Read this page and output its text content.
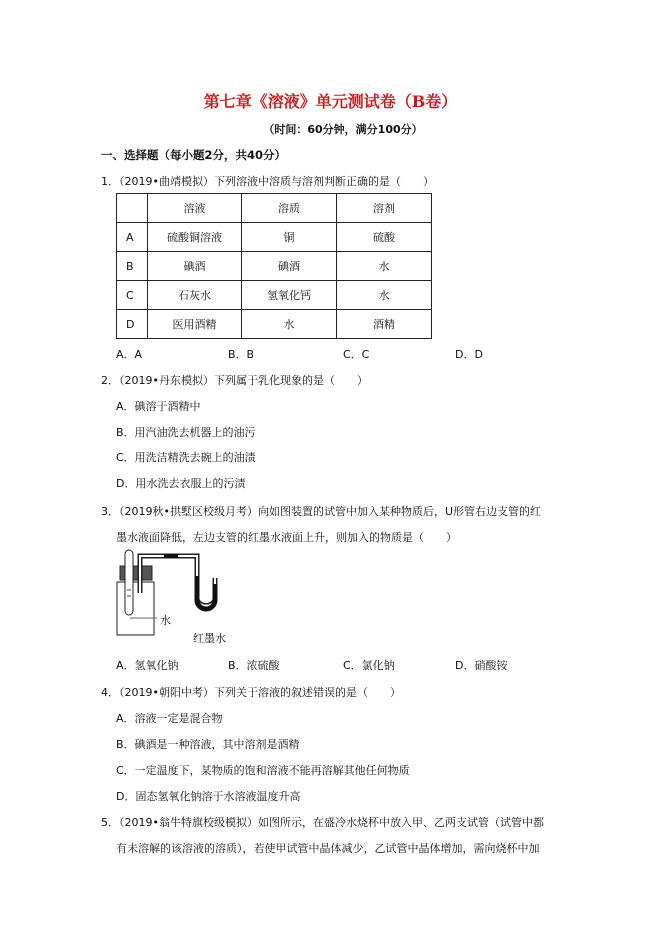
第七章《溶液》单元测试卷（B卷）
（时间：60分钟，满分100分）
一、选择题（每小题2分，共40分）
1．（2019•曲靖模拟）下列溶液中溶质与溶剂判断正确的是（　　）
	溶液	溶质	溶剂
A	硫酸铜溶液	铜	硫酸
B	碘酒	碘酒	水
C	石灰水	氢氧化钙	水
D	医用酒精	水	酒精
A．A	B．B	C．C	D．D
2．（2019•丹东模拟）下列属于乳化现象的是（　　）
A．碘溶于酒精中
B．用汽油洗去机器上的油污
C．用洗洁精洗去碗上的油渍
D．用水洗去衣服上的污渍
3．（2019秋•拱墅区校级月考）向如图装置的试管中加入某种物质后，U形管右边支管的红
墨水液面降低，左边支管的红墨水液面上升，则加入的物质是（　　）
水
红墨水
A．氢氧化钠	B．浓硫酸	C．氯化钠	D．硝酸铵
4．（2019•朝阳中考）下列关于溶液的叙述错误的是（　　）
A．溶液一定是混合物
B．碘酒是一种溶液，其中溶剂是酒精
C．一定温度下，某物质的饱和溶液不能再溶解其他任何物质
D．固态氢氧化钠溶于水溶液温度升高
5．（2019•翁牛特旗校级模拟）如图所示，在盛冷水烧杯中放入甲、乙两支试管（试管中都
有未溶解的该溶液的溶质），若使甲试管中晶体减少，乙试管中晶体增加，需向烧杯中加
